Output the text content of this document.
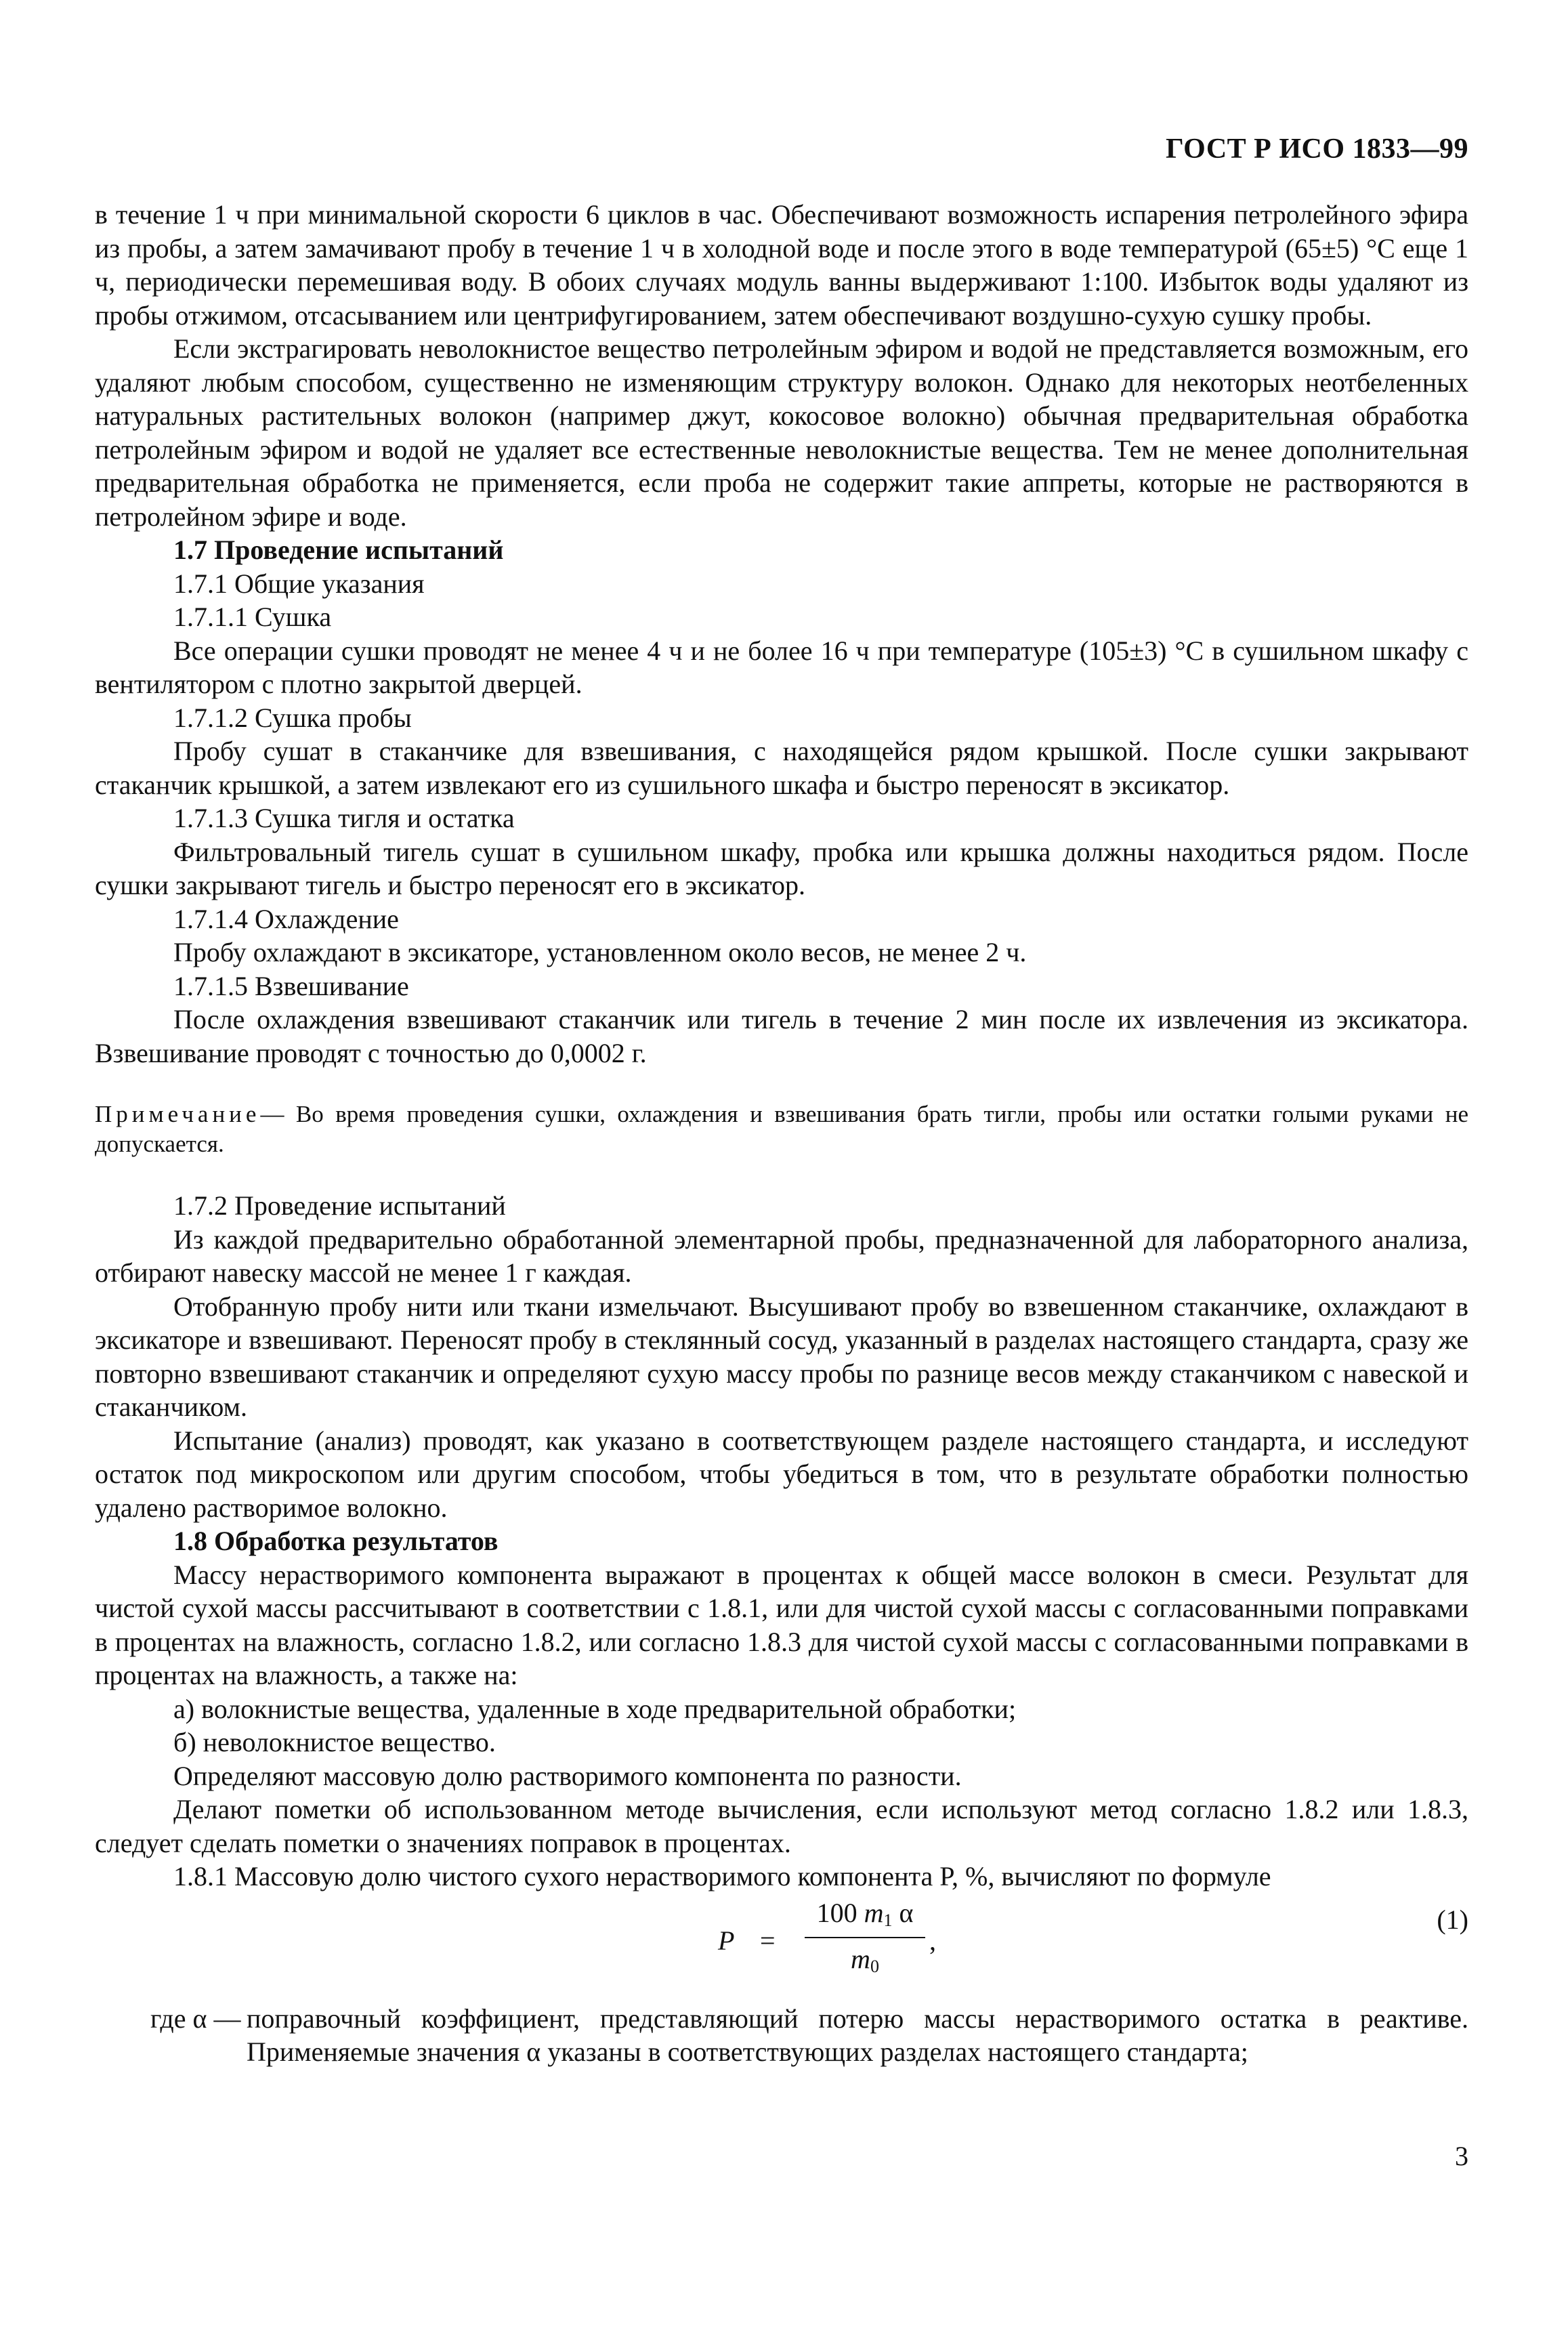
ГОСТ Р ИСО 1833—99

в течение 1 ч при минимальной скорости 6 циклов в час. Обеспечивают возможность испарения петролейного эфира из пробы, а затем замачивают пробу в течение 1 ч в холодной воде и после этого в воде температурой (65±5) °С еще 1 ч, периодически перемешивая воду. В обоих случаях модуль ванны выдерживают 1:100. Избыток воды удаляют из пробы отжимом, отсасыванием или центрифугированием, затем обеспечивают воздушно-сухую сушку пробы.

Если экстрагировать неволокнистое вещество петролейным эфиром и водой не представляется возможным, его удаляют любым способом, существенно не изменяющим структуру волокон. Однако для некоторых неотбеленных натуральных растительных волокон (например джут, кокосовое волокно) обычная предварительная обработка петролейным эфиром и водой не удаляет все естественные неволокнистые вещества. Тем не менее дополнительная предварительная обработка не применяется, если проба не содержит такие аппреты, которые не растворяются в петролейном эфире и воде.

1.7 Проведение испытаний

1.7.1 Общие указания

1.7.1.1 Сушка

Все операции сушки проводят не менее 4 ч и не более 16 ч при температуре (105±3) °С в сушильном шкафу с вентилятором с плотно закрытой дверцей.

1.7.1.2 Сушка пробы

Пробу сушат в стаканчике для взвешивания, с находящейся рядом крышкой. После сушки закрывают стаканчик крышкой, а затем извлекают его из сушильного шкафа и быстро переносят в эксикатор.

1.7.1.3 Сушка тигля и остатка

Фильтровальный тигель сушат в сушильном шкафу, пробка или крышка должны находиться рядом. После сушки закрывают тигель и быстро переносят его в эксикатор.

1.7.1.4 Охлаждение

Пробу охлаждают в эксикаторе, установленном около весов, не менее 2 ч.

1.7.1.5 Взвешивание

После охлаждения взвешивают стаканчик или тигель в течение 2 мин после их извлечения из эксикатора. Взвешивание проводят с точностью до 0,0002 г.

Примечание— Во время проведения сушки, охлаждения и взвешивания брать тигли, пробы или остатки голыми руками не допускается.

1.7.2 Проведение испытаний

Из каждой предварительно обработанной элементарной пробы, предназначенной для лабораторного анализа, отбирают навеску массой не менее 1 г каждая.

Отобранную пробу нити или ткани измельчают. Высушивают пробу во взвешенном стаканчике, охлаждают в эксикаторе и взвешивают. Переносят пробу в стеклянный сосуд, указанный в разделах настоящего стандарта, сразу же повторно взвешивают стаканчик и определяют сухую массу пробы по разнице весов между стаканчиком с навеской и стаканчиком.

Испытание (анализ) проводят, как указано в соответствующем разделе настоящего стандарта, и исследуют остаток под микроскопом или другим способом, чтобы убедиться в том, что в результате обработки полностью удалено растворимое волокно.

1.8 Обработка результатов

Массу нерастворимого компонента выражают в процентах к общей массе волокон в смеси. Результат для чистой сухой массы рассчитывают в соответствии с 1.8.1, или для чистой сухой массы с согласованными поправками в процентах на влажность, согласно 1.8.2, или согласно 1.8.3 для чистой сухой массы с согласованными поправками в процентах на влажность, а также на:

а) волокнистые вещества, удаленные в ходе предварительной обработки;

б) неволокнистое вещество.

Определяют массовую долю растворимого компонента по разности.

Делают пометки об использованном методе вычисления, если используют метод согласно 1.8.2 или 1.8.3, следует сделать пометки о значениях поправок в процентах.

1.8.1 Массовую долю чистого сухого нерастворимого компонента P, %, вычисляют по формуле

P =
100 $m_1$ α
$m_0$
,
(1)

где α — поправочный коэффициент, представляющий потерю массы нерастворимого остатка в реактиве. Применяемые значения α указаны в соответствующих разделах настоящего стандарта;

3
